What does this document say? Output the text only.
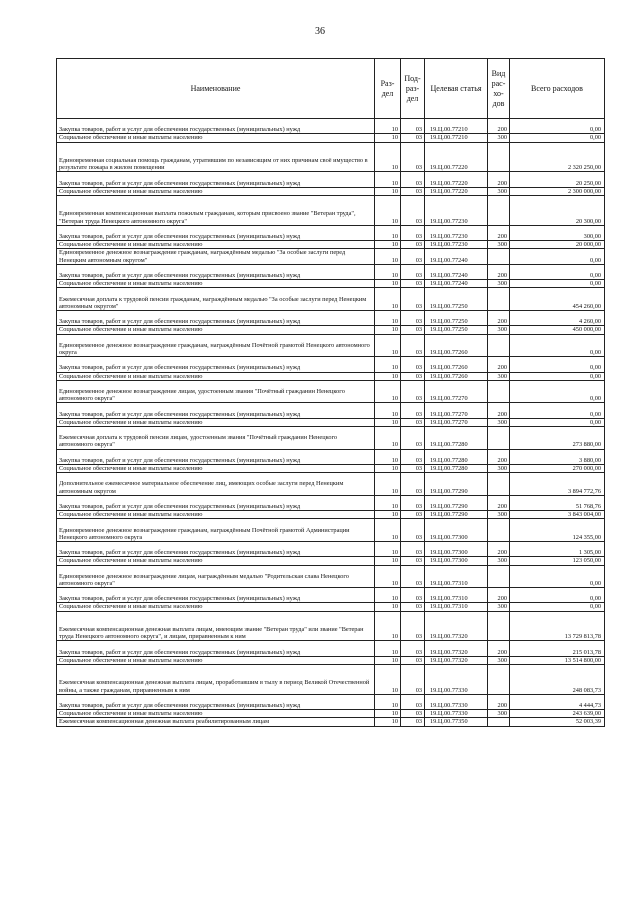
36
Наименование	Раз-дел	Под-раз-дел	Целевая статья	Вид рас-хо-дов	Всего расходов
Закупка товаров, работ и услуг для обеспечения государственных (муниципальных) нужд	10	03	19.Ц.00.77210	200	0,00
Социальное обеспечение и иные выплаты населению	10	03	19.Ц.00.77210	300	0,00
Единовременная социальная помощь гражданам, утратившим по независящим от них причинам своё имущество в результате пожара в жилом помещении	10	03	19.Ц.00.77220		2 320 250,00
Закупка товаров, работ и услуг для обеспечения государственных (муниципальных) нужд	10	03	19.Ц.00.77220	200	20 250,00
Социальное обеспечение и иные выплаты населению	10	03	19.Ц.00.77220	300	2 300 000,00
Единовременная компенсационная выплата пожилым гражданам, которым присвоено звание "Ветеран труда", "Ветеран труда Ненецкого автономного округа"	10	03	19.Ц.00.77230		20 300,00
Закупка товаров, работ и услуг для обеспечения государственных (муниципальных) нужд	10	03	19.Ц.00.77230	200	300,00
Социальное обеспечение и иные выплаты населению	10	03	19.Ц.00.77230	300	20 000,00
Единовременное денежное вознаграждение гражданам, награждённым медалью "За особые заслуги перед Ненецким автономным округом"	10	03	19.Ц.00.77240		0,00
Закупка товаров, работ и услуг для обеспечения государственных (муниципальных) нужд	10	03	19.Ц.00.77240	200	0,00
Социальное обеспечение и иные выплаты населению	10	03	19.Ц.00.77240	300	0,00
Ежемесячная доплата к трудовой пенсии гражданам, награждённым медалью "За особые заслуги перед Ненецким автономным округом"	10	03	19.Ц.00.77250		454 260,00
Закупка товаров, работ и услуг для обеспечения государственных (муниципальных) нужд	10	03	19.Ц.00.77250	200	4 260,00
Социальное обеспечение и иные выплаты населению	10	03	19.Ц.00.77250	300	450 000,00
Единовременное денежное вознаграждение гражданам, награждённым Почётной грамотой Ненецкого автономного округа	10	03	19.Ц.00.77260		0,00
Закупка товаров, работ и услуг для обеспечения государственных (муниципальных) нужд	10	03	19.Ц.00.77260	200	0,00
Социальное обеспечение и иные выплаты населению	10	03	19.Ц.00.77260	300	0,00
Единовременное денежное вознаграждение лицам, удостоенным звания "Почётный гражданин Ненецкого автономного округа"	10	03	19.Ц.00.77270		0,00
Закупка товаров, работ и услуг для обеспечения государственных (муниципальных) нужд	10	03	19.Ц.00.77270	200	0,00
Социальное обеспечение и иные выплаты населению	10	03	19.Ц.00.77270	300	0,00
Ежемесячная доплата к трудовой пенсии лицам, удостоенным звания "Почётный гражданин Ненецкого автономного округа"	10	03	19.Ц.00.77280		273 880,00
Закупка товаров, работ и услуг для обеспечения государственных (муниципальных) нужд	10	03	19.Ц.00.77280	200	3 880,00
Социальное обеспечение и иные выплаты населению	10	03	19.Ц.00.77280	300	270 000,00
Дополнительное ежемесячное материальное обеспечение лиц, имеющих особые заслуги перед Ненецким автономным округом	10	03	19.Ц.00.77290		3 894 772,76
Закупка товаров, работ и услуг для обеспечения государственных (муниципальных) нужд	10	03	19.Ц.00.77290	200	51 768,76
Социальное обеспечение и иные выплаты населению	10	03	19.Ц.00.77290	300	3 843 004,00
Единовременное денежное вознаграждение гражданам, награждённым Почётной грамотой Администрации Ненецкого автономного округа	10	03	19.Ц.00.77300		124 355,00
Закупка товаров, работ и услуг для обеспечения государственных (муниципальных) нужд	10	03	19.Ц.00.77300	200	1 305,00
Социальное обеспечение и иные выплаты населению	10	03	19.Ц.00.77300	300	123 050,00
Единовременное денежное вознаграждение лицам, награждённым медалью "Родительская слава Ненецкого автономного округа"	10	03	19.Ц.00.77310		0,00
Закупка товаров, работ и услуг для обеспечения государственных (муниципальных) нужд	10	03	19.Ц.00.77310	200	0,00
Социальное обеспечение и иные выплаты населению	10	03	19.Ц.00.77310	300	0,00
Ежемесячная компенсационная денежная выплата лицам, имеющим звание "Ветеран труда" или звание "Ветеран труда Ненецкого автономного округа", и лицам, приравненным к ним	10	03	19.Ц.00.77320		13 729 813,78
Закупка товаров, работ и услуг для обеспечения государственных (муниципальных) нужд	10	03	19.Ц.00.77320	200	215 013,78
Социальное обеспечение и иные выплаты населению	10	03	19.Ц.00.77320	300	13 514 800,00
Ежемесячная компенсационная денежная выплата лицам, проработавшим в тылу в период Великой Отечественной войны, а также гражданам, приравненным к ним	10	03	19.Ц.00.77330		248 083,73
Закупка товаров, работ и услуг для обеспечения государственных (муниципальных) нужд	10	03	19.Ц.00.77330	200	4 444,73
Социальное обеспечение и иные выплаты населению	10	03	19.Ц.00.77330	300	243 639,00
Ежемесячная компенсационная денежная выплата реабилитированным лицам	10	03	19.Ц.00.77350		52 003,39
